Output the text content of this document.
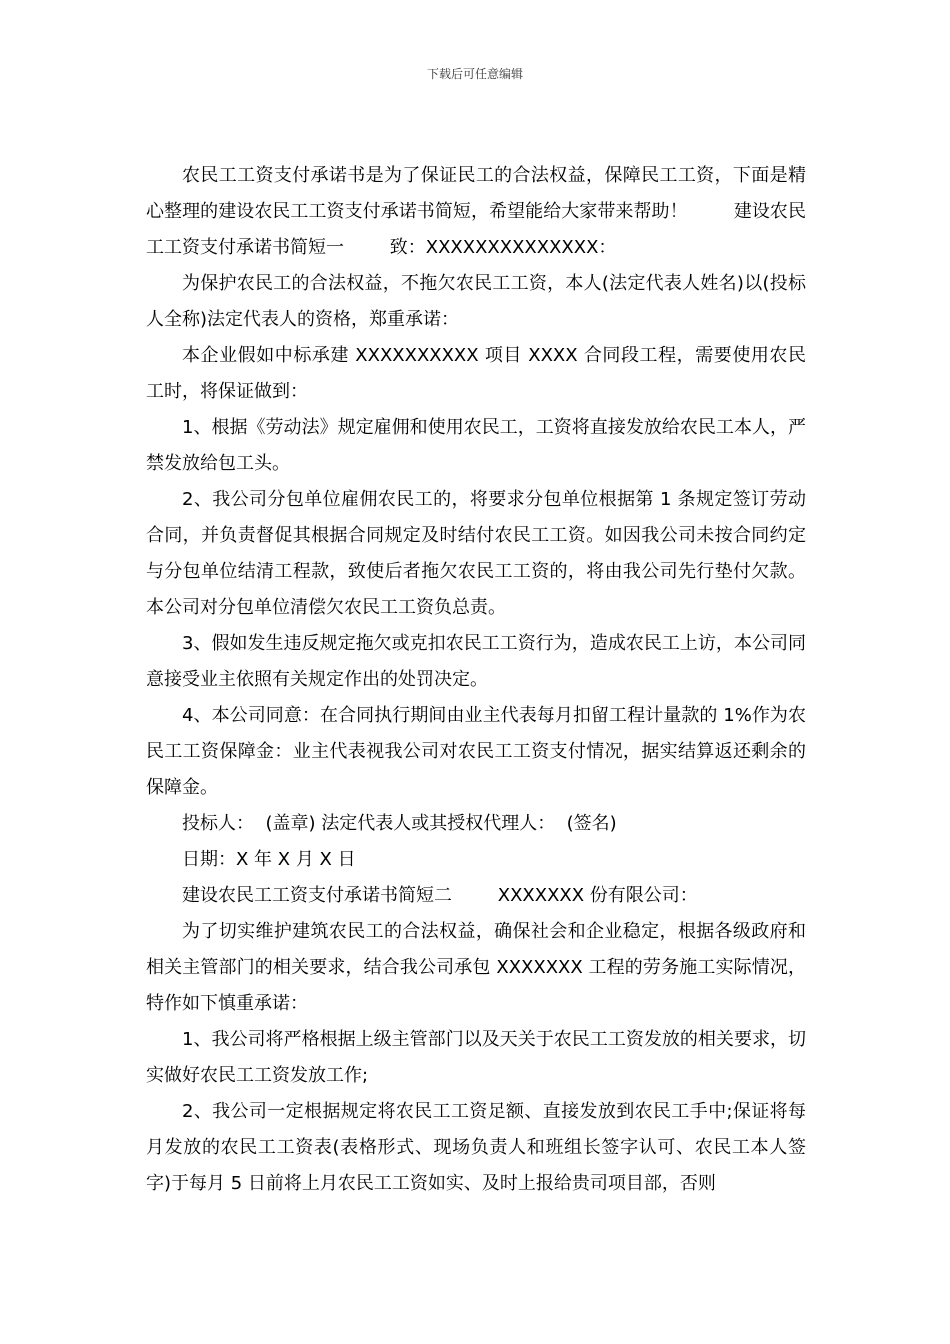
下载后可任意编辑

农民工工资支付承诺书是为了保证民工的合法权益，保障民工工资，下面是精心整理的建设农民工工资支付承诺书简短，希望能给大家带来帮助！        建设农民工工资支付承诺书简短一        致：XXXXXXXXXXXXXX：

为保护农民工的合法权益，不拖欠农民工工资，本人(法定代表人姓名)以(投标人全称)法定代表人的资格，郑重承诺：

本企业假如中标承建 XXXXXXXXXX 项目 XXXX 合同段工程，需要使用农民工时，将保证做到：

1、根据《劳动法》规定雇佣和使用农民工，工资将直接发放给农民工本人，严禁发放给包工头。

2、我公司分包单位雇佣农民工的，将要求分包单位根据第 1 条规定签订劳动合同，并负责督促其根据合同规定及时结付农民工工资。如因我公司未按合同约定与分包单位结清工程款，致使后者拖欠农民工工资的，将由我公司先行垫付欠款。本公司对分包单位清偿欠农民工工资负总责。

3、假如发生违反规定拖欠或克扣农民工工资行为，造成农民工上访，本公司同意接受业主依照有关规定作出的处罚决定。

4、本公司同意：在合同执行期间由业主代表每月扣留工程计量款的 1%作为农民工工资保障金：业主代表视我公司对农民工工资支付情况，据实结算返还剩余的保障金。

投标人：  (盖章) 法定代表人或其授权代理人：  (签名)

日期：X 年 X 月 X 日

建设农民工工资支付承诺书简短二        XXXXXXX 份有限公司：

为了切实维护建筑农民工的合法权益，确保社会和企业稳定，根据各级政府和相关主管部门的相关要求，结合我公司承包 XXXXXXX 工程的劳务施工实际情况，特作如下慎重承诺：

1、我公司将严格根据上级主管部门以及天关于农民工工资发放的相关要求，切实做好农民工工资发放工作;

2、我公司一定根据规定将农民工工资足额、直接发放到农民工手中;保证将每月发放的农民工工资表(表格形式、现场负责人和班组长签字认可、农民工本人签字)于每月 5 日前将上月农民工工资如实、及时上报给贵司项目部，否则
